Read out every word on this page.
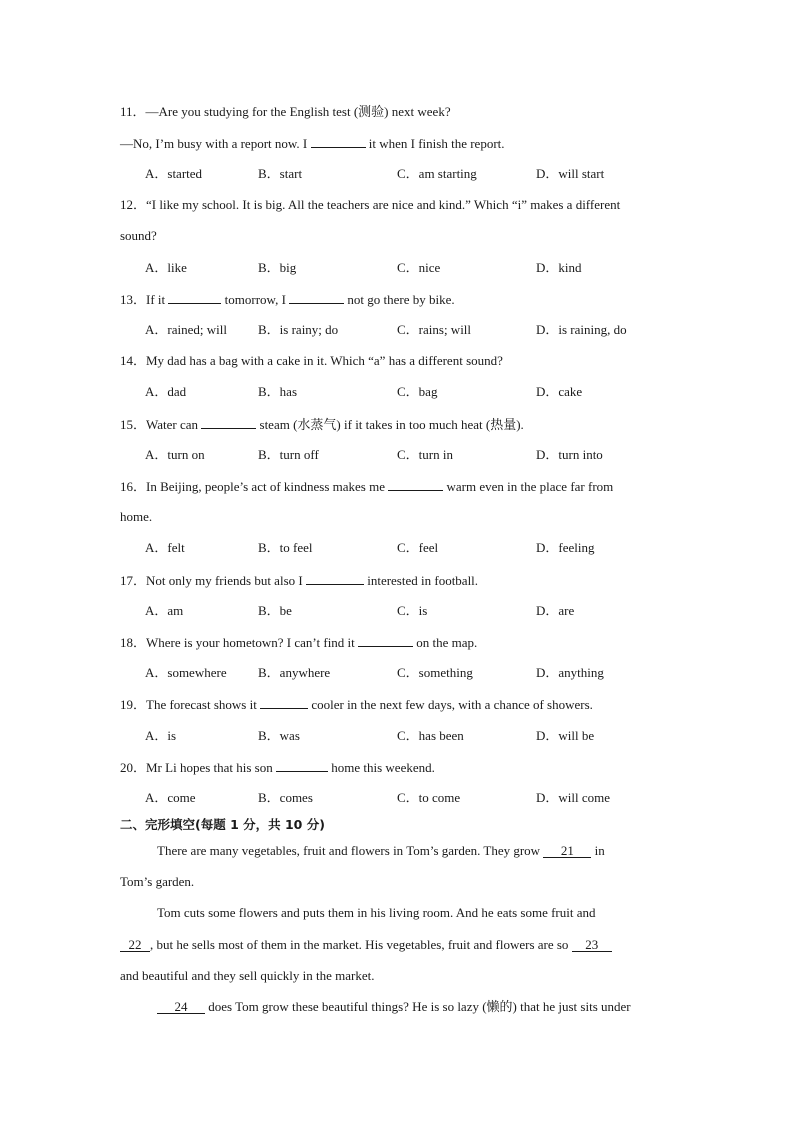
11．—Are you studying for the English test (测验) next week?
—No, I’m busy with a report now. I	it when I finish the report.
A．started	B．start	C．am starting	D．will start
12．“I like my school. It is big. All the teachers are nice and kind.” Which “i” makes a different
sound?
A．like	B．big	C．nice	D．kind
13．If it	tomorrow, I	not go there by bike.
A．rained; will B．is rainy; do	C．rains; will	D．is raining, do
14．My dad has a bag with a cake in it. Which “a” has a different sound?
A．dad	B．has	C．bag	D．cake
15．Water can	steam (水蒸气) if it takes in too much heat (热量).
A．turn on	B．turn off	C．turn in	D．turn into
16．In Beijing, people’s act of kindness makes me	warm even in the place far from
home.
A．felt	B．to feel	C．feel	D．feeling
17．Not only my friends but also I	interested in football.
A．am	B．be	C．is	D．are
18．Where is your hometown? I can’t find it	on the map.
A．somewhere B．anywhere	C．something	D．anything
19．The forecast shows it	cooler in the next few days, with a chance of showers.
A．is	B．was	C．has been	D．will be
20．Mr Li hopes that his son	home this weekend.
A．come	B．comes	C．to come	D．will come
二、完形填空(每题 1 分，共 10 分)
There are many vegetables, fruit and flowers in Tom’s garden. They grow 21 in
Tom’s garden.
Tom cuts some flowers and puts them in his living room. And he eats some fruit and
22 , but he sells most of them in the market. His vegetables, fruit and flowers are so 23
and beautiful and they sell quickly in the market.
24 does Tom grow these beautiful things? He is so lazy (懒的) that he just sits under
